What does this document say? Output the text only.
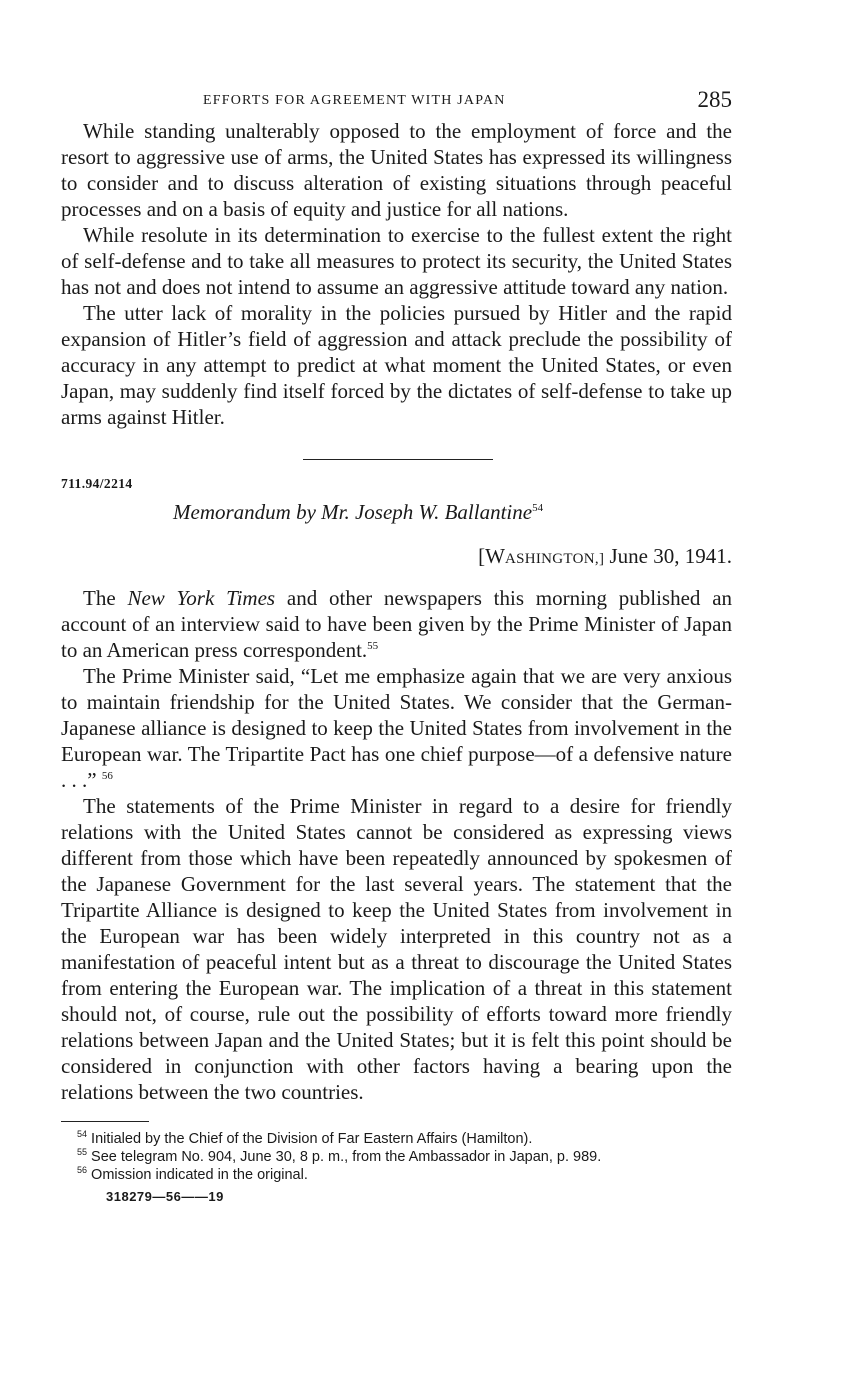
EFFORTS FOR AGREEMENT WITH JAPAN	285

While standing unalterably opposed to the employment of force and the resort to aggressive use of arms, the United States has expressed its willingness to consider and to discuss alteration of existing situations through peaceful processes and on a basis of equity and justice for all nations.

While resolute in its determination to exercise to the fullest extent the right of self-defense and to take all measures to protect its security, the United States has not and does not intend to assume an aggressive attitude toward any nation.

The utter lack of morality in the policies pursued by Hitler and the rapid expansion of Hitler’s field of aggression and attack preclude the possibility of accuracy in any attempt to predict at what moment the United States, or even Japan, may suddenly find itself forced by the dictates of self-defense to take up arms against Hitler.

711.94/2214
Memorandum by Mr. Joseph W. Ballantine$^{54}$
[WASHINGTON,] June 30, 1941.

The New York Times and other newspapers this morning published an account of an interview said to have been given by the Prime Minister of Japan to an American press correspondent.$^{55}$

The Prime Minister said, “Let me emphasize again that we are very anxious to maintain friendship for the United States. We consider that the German-Japanese alliance is designed to keep the United States from involvement in the European war. The Tripartite Pact has one chief purpose—of a defensive nature . . .” $^{56}$

The statements of the Prime Minister in regard to a desire for friendly relations with the United States cannot be considered as expressing views different from those which have been repeatedly announced by spokesmen of the Japanese Government for the last several years. The statement that the Tripartite Alliance is designed to keep the United States from involvement in the European war has been widely interpreted in this country not as a manifestation of peaceful intent but as a threat to discourage the United States from entering the European war. The implication of a threat in this statement should not, of course, rule out the possibility of efforts toward more friendly relations between Japan and the United States; but it is felt this point should be considered in conjunction with other factors having a bearing upon the relations between the two countries.

$^{54}$ Initialed by the Chief of the Division of Far Eastern Affairs (Hamilton).

$^{55}$ See telegram No. 904, June 30, 8 p. m., from the Ambassador in Japan, p. 989.

$^{56}$ Omission indicated in the original.

318279—56——19
